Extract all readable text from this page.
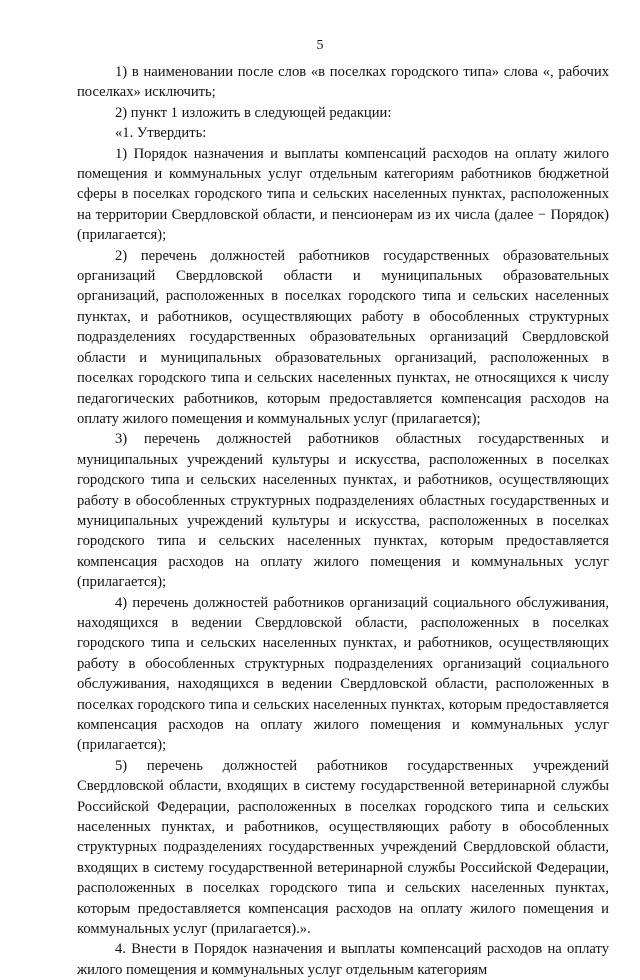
5

1) в наименовании после слов «в поселках городского типа» слова «, рабочих поселках» исключить;

2) пункт 1 изложить в следующей редакции:

«1. Утвердить:

1) Порядок назначения и выплаты компенсаций расходов на оплату жилого помещения и коммунальных услуг отдельным категориям работников бюджетной сферы в поселках городского типа и сельских населенных пунктах, расположенных на территории Свердловской области, и пенсионерам из их числа (далее − Порядок) (прилагается);

2) перечень должностей работников государственных образовательных организаций Свердловской области и муниципальных образовательных организаций, расположенных в поселках городского типа и сельских населенных пунктах, и работников, осуществляющих работу в обособленных структурных подразделениях государственных образовательных организаций Свердловской области и муниципальных образовательных организаций, расположенных в поселках городского типа и сельских населенных пунктах, не относящихся к числу педагогических работников, которым предоставляется компенсация расходов на оплату жилого помещения и коммунальных услуг (прилагается);

3) перечень должностей работников областных государственных и муниципальных учреждений культуры и искусства, расположенных в поселках городского типа и сельских населенных пунктах, и работников, осуществляющих работу в обособленных структурных подразделениях областных государственных и муниципальных учреждений культуры и искусства, расположенных в поселках городского типа и сельских населенных пунктах, которым предоставляется компенсация расходов на оплату жилого помещения и коммунальных услуг (прилагается);

4) перечень должностей работников организаций социального обслуживания, находящихся в ведении Свердловской области, расположенных в поселках городского типа и сельских населенных пунктах, и работников, осуществляющих работу в обособленных структурных подразделениях организаций социального обслуживания, находящихся в ведении Свердловской области, расположенных в поселках городского типа и сельских населенных пунктах, которым предоставляется компенсация расходов на оплату жилого помещения и коммунальных услуг (прилагается);

5) перечень должностей работников государственных учреждений Свердловской области, входящих в систему государственной ветеринарной службы Российской Федерации, расположенных в поселках городского типа и сельских населенных пунктах, и работников, осуществляющих работу в обособленных структурных подразделениях государственных учреждений Свердловской области, входящих в систему государственной ветеринарной службы Российской Федерации, расположенных в поселках городского типа и сельских населенных пунктах, которым предоставляется компенсация расходов на оплату жилого помещения и коммунальных услуг (прилагается).».

4. Внести в Порядок назначения и выплаты компенсаций расходов на оплату жилого помещения и коммунальных услуг отдельным категориям
